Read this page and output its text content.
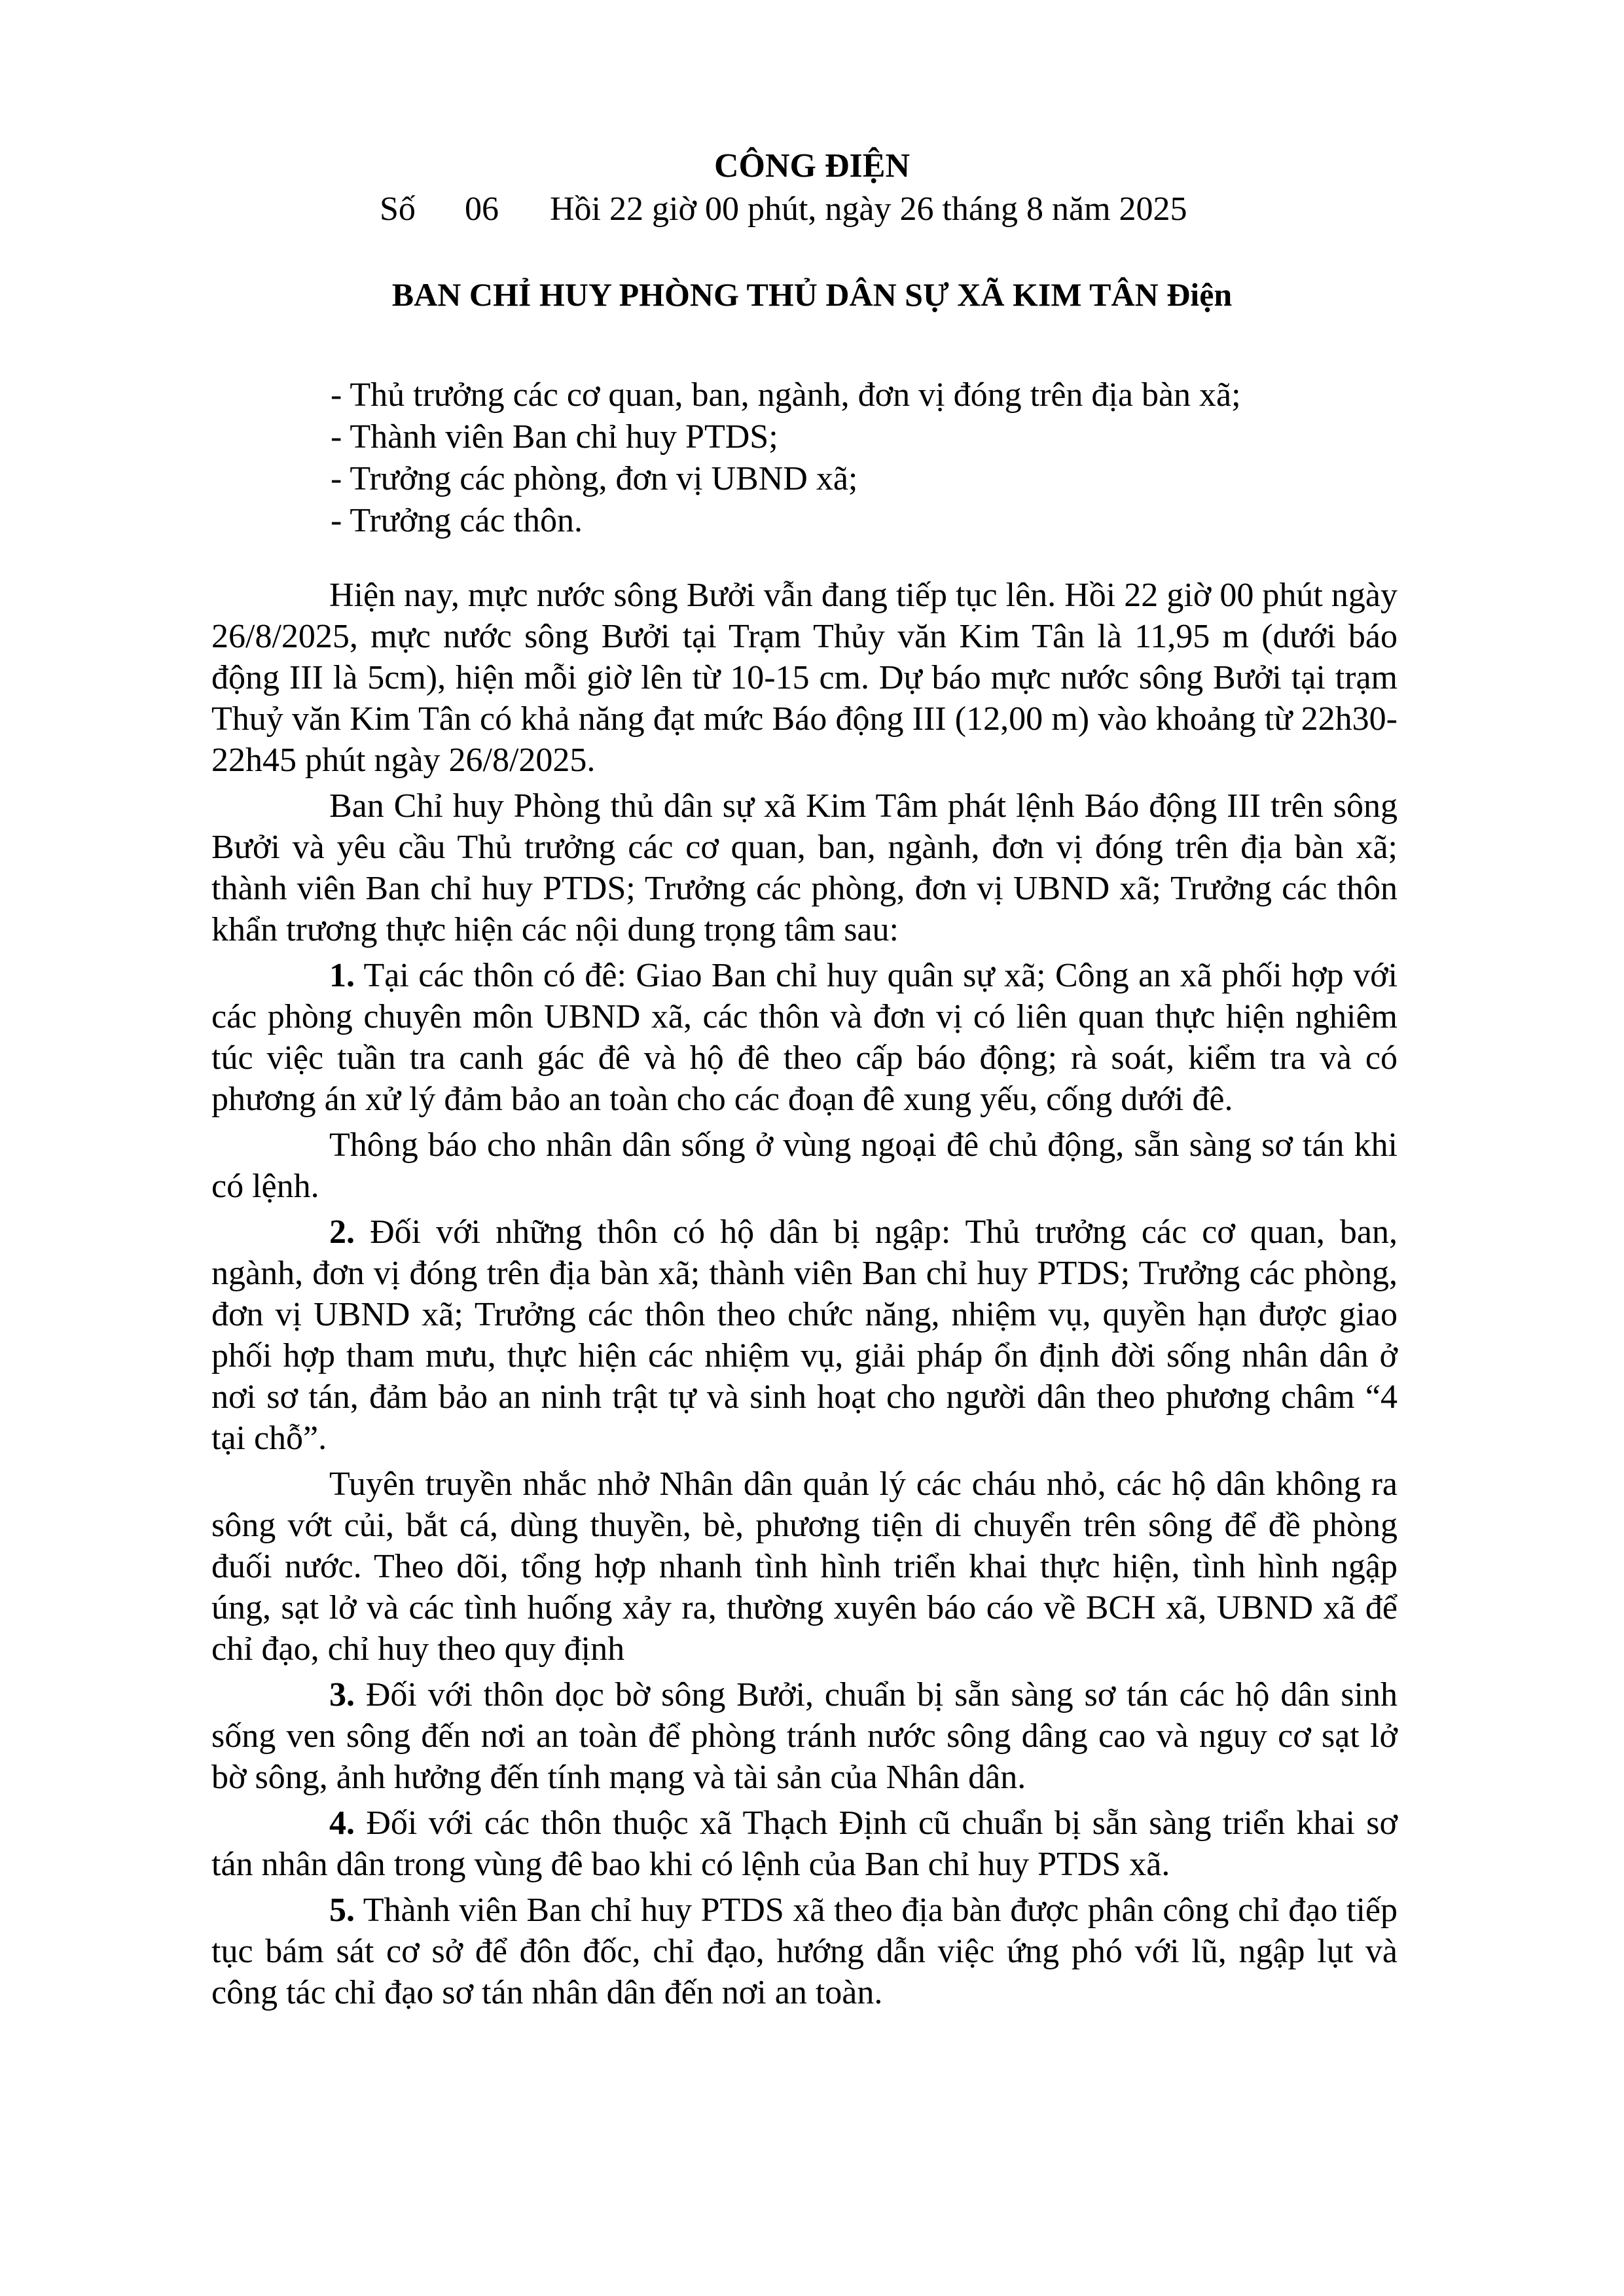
CÔNG ĐIỆN
Số 06 Hồi 22 giờ 00 phút, ngày 26 tháng 8 năm 2025
BAN CHỈ HUY PHÒNG THỦ DÂN SỰ XÃ KIM TÂN Điện
- Thủ trưởng các cơ quan, ban, ngành, đơn vị đóng trên địa bàn xã;
- Thành viên Ban chỉ huy PTDS;
- Trưởng các phòng, đơn vị UBND xã;
- Trưởng các thôn.

Hiện nay, mực nước sông Bưởi vẫn đang tiếp tục lên. Hồi 22 giờ 00 phút ngày 26/8/2025, mực nước sông Bưởi tại Trạm Thủy văn Kim Tân là 11,95 m (dưới báo động III là 5cm), hiện mỗi giờ lên từ 10-15 cm. Dự báo mực nước sông Bưởi tại trạm Thuỷ văn Kim Tân có khả năng đạt mức Báo động III (12,00 m) vào khoảng từ 22h30-22h45 phút ngày 26/8/2025.

Ban Chỉ huy Phòng thủ dân sự xã Kim Tâm phát lệnh Báo động III trên sông Bưởi và yêu cầu Thủ trưởng các cơ quan, ban, ngành, đơn vị đóng trên địa bàn xã; thành viên Ban chỉ huy PTDS; Trưởng các phòng, đơn vị UBND xã; Trưởng các thôn khẩn trương thực hiện các nội dung trọng tâm sau:

1. Tại các thôn có đê: Giao Ban chỉ huy quân sự xã; Công an xã phối hợp với các phòng chuyên môn UBND xã, các thôn và đơn vị có liên quan thực hiện nghiêm túc việc tuần tra canh gác đê và hộ đê theo cấp báo động; rà soát, kiểm tra và có phương án xử lý đảm bảo an toàn cho các đoạn đê xung yếu, cống dưới đê.

Thông báo cho nhân dân sống ở vùng ngoại đê chủ động, sẵn sàng sơ tán khi có lệnh.

2. Đối với những thôn có hộ dân bị ngập: Thủ trưởng các cơ quan, ban, ngành, đơn vị đóng trên địa bàn xã; thành viên Ban chỉ huy PTDS; Trưởng các phòng, đơn vị UBND xã; Trưởng các thôn theo chức năng, nhiệm vụ, quyền hạn được giao phối hợp tham mưu, thực hiện các nhiệm vụ, giải pháp ổn định đời sống nhân dân ở nơi sơ tán, đảm bảo an ninh trật tự và sinh hoạt cho người dân theo phương châm “4 tại chỗ”.

Tuyên truyền nhắc nhở Nhân dân quản lý các cháu nhỏ, các hộ dân không ra sông vớt củi, bắt cá, dùng thuyền, bè, phương tiện di chuyển trên sông để đề phòng đuối nước. Theo dõi, tổng hợp nhanh tình hình triển khai thực hiện, tình hình ngập úng, sạt lở và các tình huống xảy ra, thường xuyên báo cáo về BCH xã, UBND xã để chỉ đạo, chỉ huy theo quy định

3. Đối với thôn dọc bờ sông Bưởi, chuẩn bị sẵn sàng sơ tán các hộ dân sinh sống ven sông đến nơi an toàn để phòng tránh nước sông dâng cao và nguy cơ sạt lở bờ sông, ảnh hưởng đến tính mạng và tài sản của Nhân dân.

4. Đối với các thôn thuộc xã Thạch Định cũ chuẩn bị sẵn sàng triển khai sơ tán nhân dân trong vùng đê bao khi có lệnh của Ban chỉ huy PTDS xã.

5. Thành viên Ban chỉ huy PTDS xã theo địa bàn được phân công chỉ đạo tiếp tục bám sát cơ sở để đôn đốc, chỉ đạo, hướng dẫn việc ứng phó với lũ, ngập lụt và công tác chỉ đạo sơ tán nhân dân đến nơi an toàn.
